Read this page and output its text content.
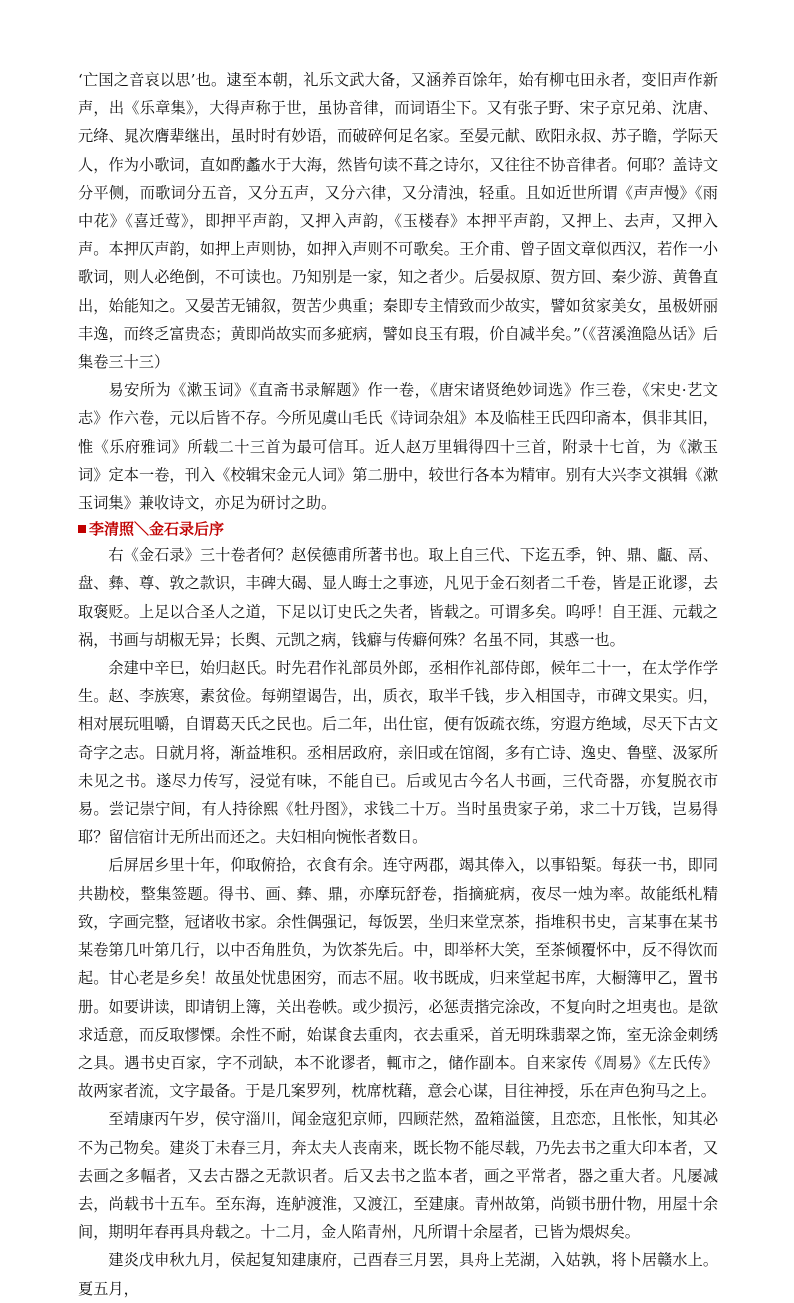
‘亡国之音哀以思’也。逮至本朝，礼乐文武大备，又涵养百馀年，始有柳屯田永者，变旧声作新声，出《乐章集》，大得声称于世，虽协音律，而词语尘下。又有张子野、宋子京兄弟、沈唐、元绛、晁次膺辈继出，虽时时有妙语，而破碎何足名家。至晏元献、欧阳永叔、苏子瞻，学际天人，作为小歌词，直如酌蠡水于大海，然皆句读不葺之诗尔，又往往不协音律者。何耶？盖诗文分平侧，而歌词分五音，又分五声，又分六律，又分清浊，轻重。且如近世所谓《声声慢》《雨中花》《喜迁莺》，即押平声韵，又押入声韵，《玉楼春》本押平声韵，又押上、去声，又押入声。本押仄声韵，如押上声则协，如押入声则不可歌矣。王介甫、曾子固文章似西汉，若作一小歌词，则人必绝倒，不可读也。乃知别是一家，知之者少。后晏叔原、贺方回、秦少游、黄鲁直出，始能知之。又晏苦无铺叙，贺苦少典重；秦即专主情致而少故实，譬如贫家美女，虽极妍丽丰逸，而终乏富贵态；黄即尚故实而多疵病，譬如良玉有瑕，价自减半矣。”（《苕溪渔隐丛话》后集卷三十三）

易安所为《漱玉词》《直斋书录解题》作一卷，《唐宋诸贤绝妙词选》作三卷，《宋史·艺文志》作六卷，元以后皆不存。今所见虞山毛氏《诗词杂俎》本及临桂王氏四印斋本，俱非其旧，惟《乐府雅词》所载二十三首为最可信耳。近人赵万里辑得四十三首，附录十七首，为《漱玉词》定本一卷，刊入《校辑宋金元人词》第二册中，较世行各本为精审。别有大兴李文祺辑《漱玉词集》兼收诗文，亦足为研讨之助。

李清照＼金石录后序

右《金石录》三十卷者何？赵侯德甫所著书也。取上自三代、下迄五季，钟、鼎、甗、鬲、盘、彝、尊、敦之款识，丰碑大碣、显人晦士之事迹，凡见于金石刻者二千卷，皆是正讹谬，去取褒贬。上足以合圣人之道，下足以订史氏之失者，皆载之。可谓多矣。呜呼！自王涯、元载之祸，书画与胡椒无异；长舆、元凯之病，钱癖与传癖何殊？名虽不同，其惑一也。

余建中辛巳，始归赵氏。时先君作礼部员外郎，丞相作礼部侍郎，候年二十一，在太学作学生。赵、李族寒，素贫俭。每朔望谒告，出，质衣，取半千钱，步入相国寺，市碑文果实。归，相对展玩咀嚼，自谓葛天氏之民也。后二年，出仕宦，便有饭疏衣练，穷遐方绝域，尽天下古文奇字之志。日就月将，渐益堆积。丞相居政府，亲旧或在馆阁，多有亡诗、逸史、鲁壁、汲冢所未见之书。遂尽力传写，浸觉有味，不能自已。后或见古今名人书画，三代奇器，亦复脱衣市易。尝记崇宁间，有人持徐熙《牡丹图》，求钱二十万。当时虽贵家子弟，求二十万钱，岂易得耶？留信宿计无所出而还之。夫妇相向惋怅者数日。

后屏居乡里十年，仰取俯拾，衣食有余。连守两郡，竭其俸入，以事铅椠。每获一书，即同共勘校，整集签题。得书、画、彝、鼎，亦摩玩舒卷，指摘疵病，夜尽一烛为率。故能纸札精致，字画完整，冠诸收书家。余性偶强记，每饭罢，坐归来堂烹茶，指堆积书史，言某事在某书某卷第几叶第几行，以中否角胜负，为饮茶先后。中，即举杯大笑，至茶倾覆怀中，反不得饮而起。甘心老是乡矣！故虽处忧患困穷，而志不屈。收书既成，归来堂起书库，大橱簿甲乙，置书册。如要讲读，即请钥上簿，关出卷帙。或少损污，必惩责揩完涂改，不复向时之坦夷也。是欲求适意，而反取憀慄。余性不耐，始谋食去重肉，衣去重采，首无明珠翡翠之饰，室无涂金刺绣之具。遇书史百家，字不刓缺，本不讹谬者，輒市之，储作副本。自来家传《周易》《左氏传》故两家者流，文字最备。于是几案罗列，枕席枕藉，意会心谋，目往神授，乐在声色狗马之上。

至靖康丙午岁，侯守淄川，闻金寇犯京师，四顾茫然，盈箱溢箧，且恋恋，且怅怅，知其必不为己物矣。建炎丁未春三月，奔太夫人丧南来，既长物不能尽载，乃先去书之重大印本者，又去画之多幅者，又去古器之无款识者。后又去书之监本者，画之平常者，器之重大者。凡屡减去，尚载书十五车。至东海，连舻渡淮，又渡江，至建康。青州故第，尚锁书册什物，用屋十余间，期明年春再具舟载之。十二月，金人陷青州，凡所谓十余屋者，已皆为煨烬矣。

建炎戊申秋九月，侯起复知建康府，己酉春三月罢，具舟上芜湖，入姑孰，将卜居赣水上。夏五月，
